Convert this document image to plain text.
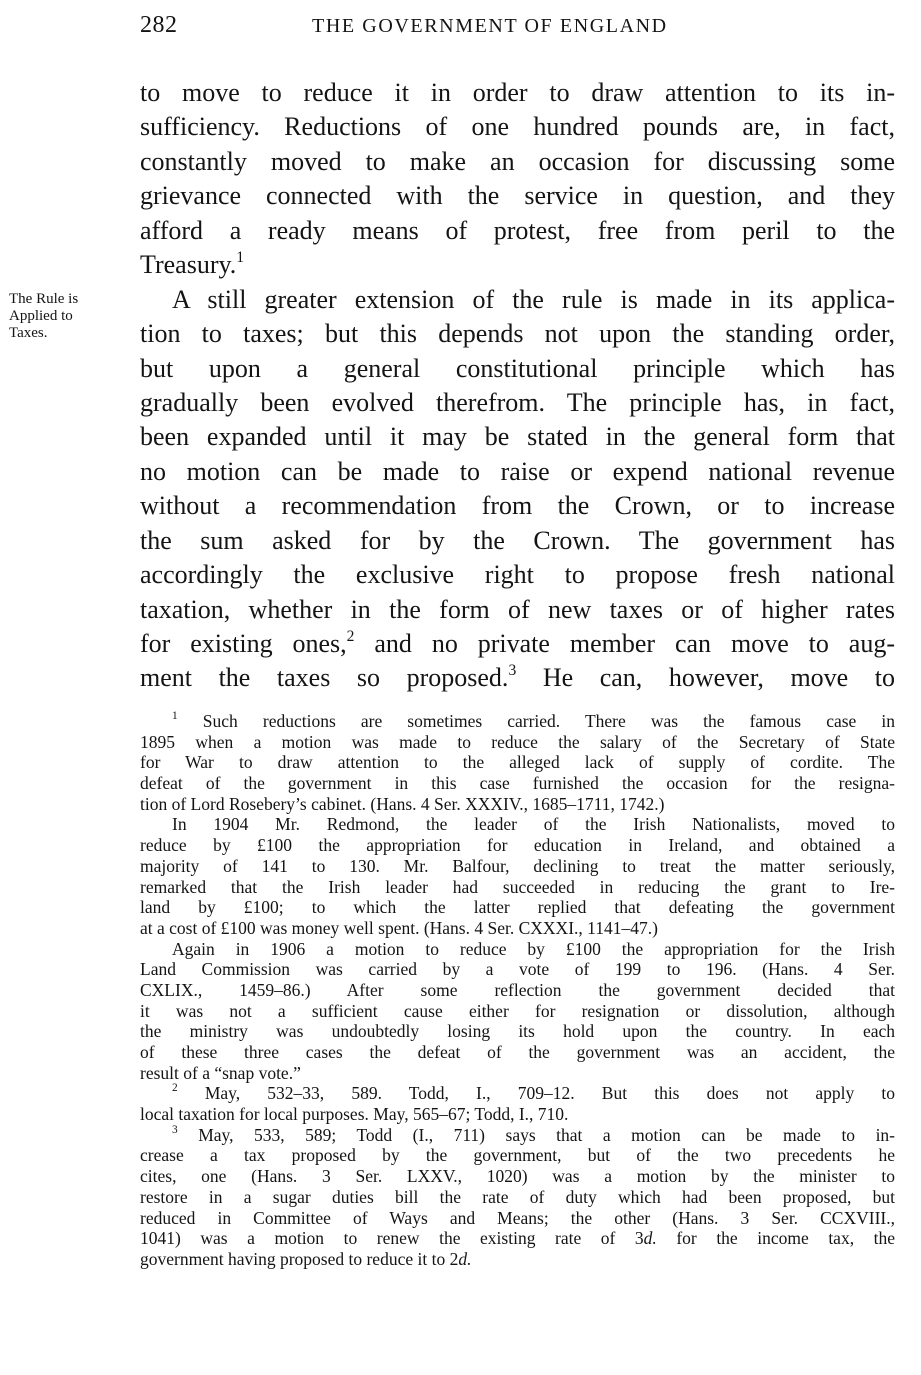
282	THE GOVERNMENT OF ENGLAND
The Rule is
Applied to
Taxes.
to move to reduce it in order to draw attention to its in-
sufficiency. Reductions of one hundred pounds are, in fact,
constantly moved to make an occasion for discussing some
grievance connected with the service in question, and they
afford a ready means of protest, free from peril to the
Treasury.$^1$
A still greater extension of the rule is made in its applica-
tion to taxes; but this depends not upon the standing order,
but upon a general constitutional principle which has
gradually been evolved therefrom. The principle has, in fact,
been expanded until it may be stated in the general form that
no motion can be made to raise or expend national revenue
without a recommendation from the Crown, or to increase
the sum asked for by the Crown. The government has
accordingly the exclusive right to propose fresh national
taxation, whether in the form of new taxes or of higher rates
for existing ones,$^2$ and no private member can move to aug-
ment the taxes so proposed.$^3$ He can, however, move to
$^1$ Such reductions are sometimes carried. There was the famous case in
1895 when a motion was made to reduce the salary of the Secretary of State
for War to draw attention to the alleged lack of supply of cordite. The
defeat of the government in this case furnished the occasion for the resigna-
tion of Lord Rosebery’s cabinet. (Hans. 4 Ser. XXXIV., 1685–1711, 1742.)
In 1904 Mr. Redmond, the leader of the Irish Nationalists, moved to
reduce by £100 the appropriation for education in Ireland, and obtained a
majority of 141 to 130. Mr. Balfour, declining to treat the matter seriously,
remarked that the Irish leader had succeeded in reducing the grant to Ire-
land by £100; to which the latter replied that defeating the government
at a cost of £100 was money well spent. (Hans. 4 Ser. CXXXI., 1141–47.)
Again in 1906 a motion to reduce by £100 the appropriation for the Irish
Land Commission was carried by a vote of 199 to 196. (Hans. 4 Ser.
CXLIX., 1459–86.) After some reflection the government decided that
it was not a sufficient cause either for resignation or dissolution, although
the ministry was undoubtedly losing its hold upon the country. In each
of these three cases the defeat of the government was an accident, the
result of a “snap vote.”
$^2$ May, 532–33, 589. Todd, I., 709–12. But this does not apply to
local taxation for local purposes. May, 565–67; Todd, I., 710.
$^3$ May, 533, 589; Todd (I., 711) says that a motion can be made to in-
crease a tax proposed by the government, but of the two precedents he
cites, one (Hans. 3 Ser. LXXV., 1020) was a motion by the minister to
restore in a sugar duties bill the rate of duty which had been proposed, but
reduced in Committee of Ways and Means; the other (Hans. 3 Ser. CCXVIII.,
1041) was a motion to renew the existing rate of 3d. for the income tax, the
government having proposed to reduce it to 2d.
